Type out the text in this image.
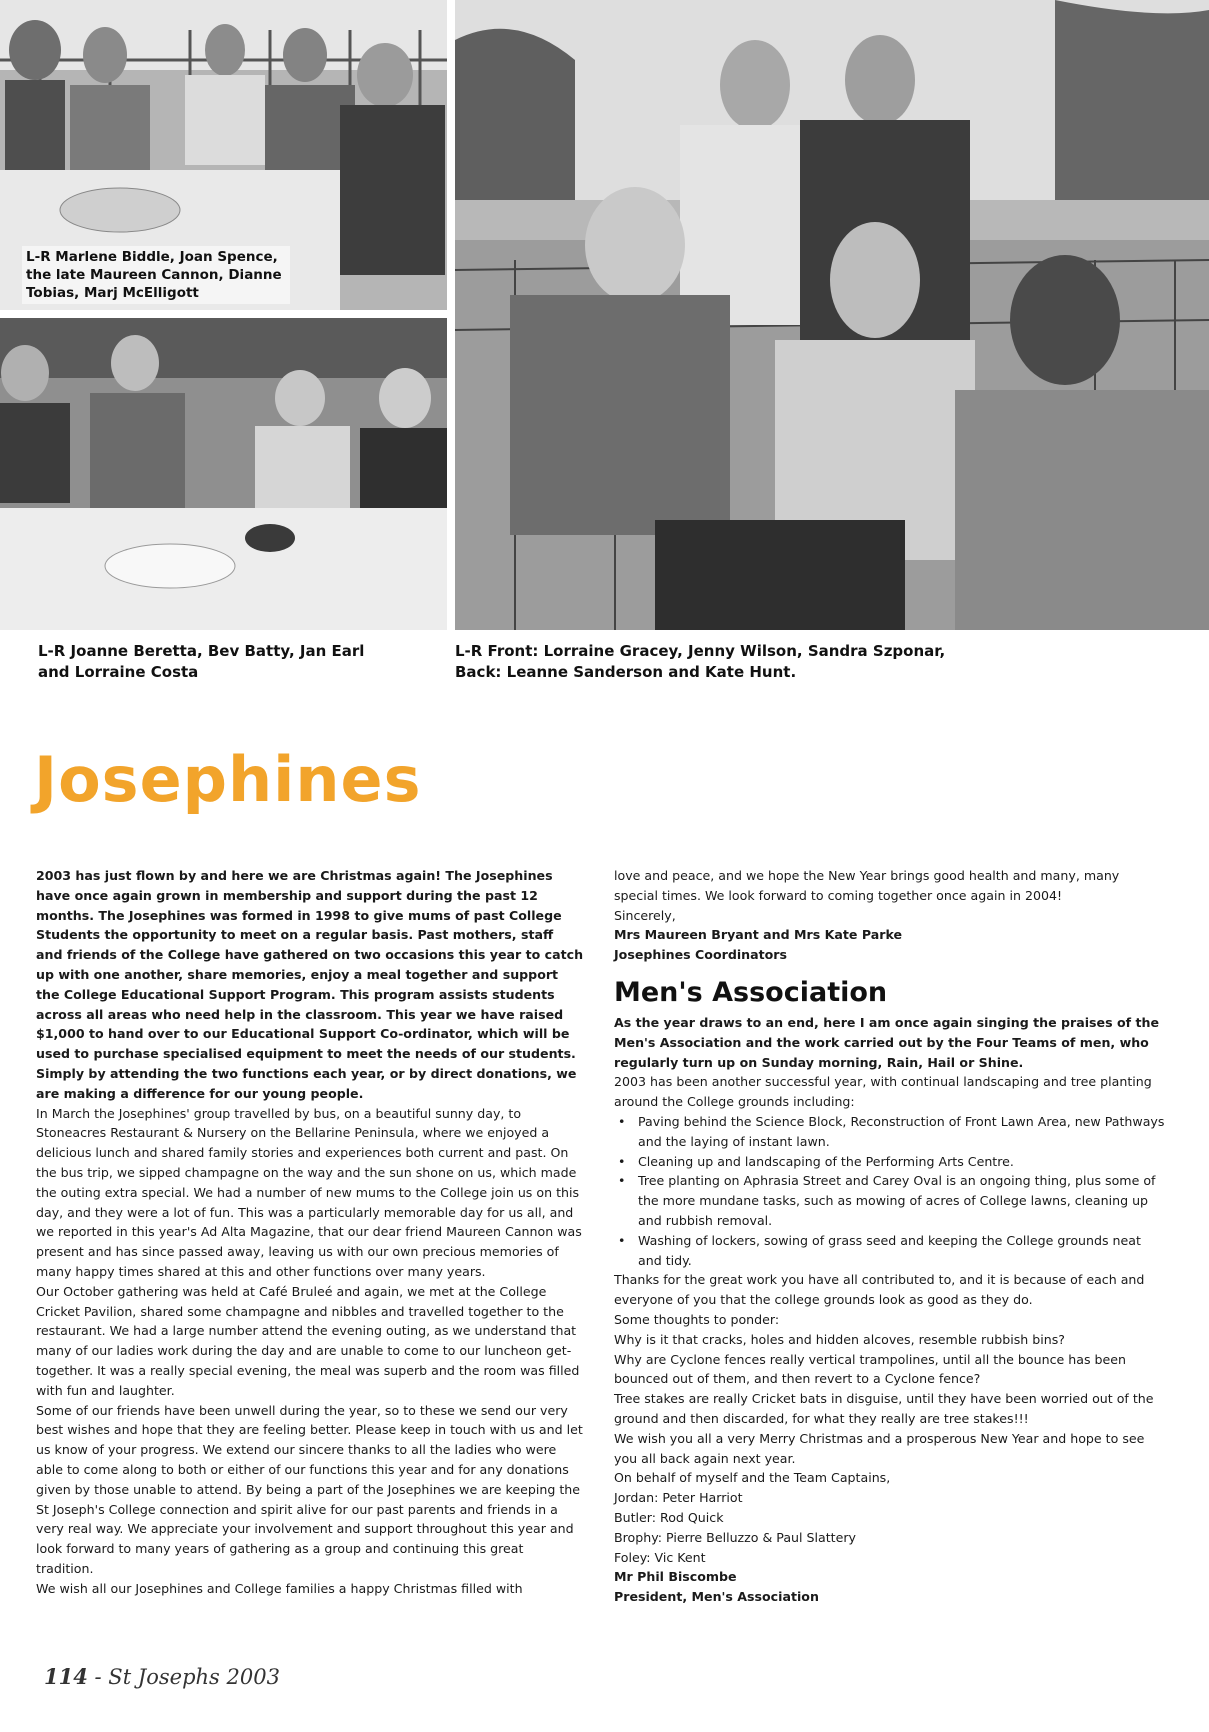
L-R Marlene Biddle, Joan Spence, the late Maureen Cannon, Dianne Tobias, Marj McElligott
L-R Joanne Beretta, Bev Batty, Jan Earl and Lorraine Costa
L-R Front: Lorraine Gracey, Jenny Wilson, Sandra Szponar,
Back: Leanne Sanderson and Kate Hunt.
Josephines

2003 has just flown by and here we are Christmas again! The Josephines have once again grown in membership and support during the past 12 months. The Josephines was formed in 1998 to give mums of past College Students the opportunity to meet on a regular basis. Past mothers, staff and friends of the College have gathered on two occasions this year to catch up with one another, share memories, enjoy a meal together and support the College Educational Support Program. This program assists students across all areas who need help in the classroom. This year we have raised $1,000 to hand over to our Educational Support Co-ordinator, which will be used to purchase specialised equipment to meet the needs of our students. Simply by attending the two functions each year, or by direct donations, we are making a difference for our young people.

In March the Josephines' group travelled by bus, on a beautiful sunny day, to Stoneacres Restaurant & Nursery on the Bellarine Peninsula, where we enjoyed a delicious lunch and shared family stories and experiences both current and past. On the bus trip, we sipped champagne on the way and the sun shone on us, which made the outing extra special. We had a number of new mums to the College join us on this day, and they were a lot of fun. This was a particularly memorable day for us all, and we reported in this year's Ad Alta Magazine, that our dear friend Maureen Cannon was present and has since passed away, leaving us with our own precious memories of many happy times shared at this and other functions over many years.

Our October gathering was held at Café Bruleé and again, we met at the College Cricket Pavilion, shared some champagne and nibbles and travelled together to the restaurant. We had a large number attend the evening outing, as we understand that many of our ladies work during the day and are unable to come to our luncheon get-together. It was a really special evening, the meal was superb and the room was filled with fun and laughter.

Some of our friends have been unwell during the year, so to these we send our very best wishes and hope that they are feeling better. Please keep in touch with us and let us know of your progress. We extend our sincere thanks to all the ladies who were able to come along to both or either of our functions this year and for any donations given by those unable to attend. By being a part of the Josephines we are keeping the St Joseph's College connection and spirit alive for our past parents and friends in a very real way. We appreciate your involvement and support throughout this year and look forward to many years of gathering as a group and continuing this great tradition.

We wish all our Josephines and College families a happy Christmas filled with

love and peace, and we hope the New Year brings good health and many, many special times. We look forward to coming together once again in 2004!

Sincerely,

Mrs Maureen Bryant and Mrs Kate Parke

Josephines Coordinators

Men's Association

As the year draws to an end, here I am once again singing the praises of the Men's Association and the work carried out by the Four Teams of men, who regularly turn up on Sunday morning, Rain, Hail or Shine.

2003 has been another successful year, with continual landscaping and tree planting around the College grounds including:

• Paving behind the Science Block, Reconstruction of Front Lawn Area, new Pathways and the laying of instant lawn.

• Cleaning up and landscaping of the Performing Arts Centre.

• Tree planting on Aphrasia Street and Carey Oval is an ongoing thing, plus some of the more mundane tasks, such as mowing of acres of College lawns, cleaning up and rubbish removal.

• Washing of lockers, sowing of grass seed and keeping the College grounds neat and tidy.

Thanks for the great work you have all contributed to, and it is because of each and everyone of you that the college grounds look as good as they do.

Some thoughts to ponder:

Why is it that cracks, holes and hidden alcoves, resemble rubbish bins?

Why are Cyclone fences really vertical trampolines, until all the bounce has been bounced out of them, and then revert to a Cyclone fence?

Tree stakes are really Cricket bats in disguise, until they have been worried out of the ground and then discarded, for what they really are tree stakes!!!

We wish you all a very Merry Christmas and a prosperous New Year and hope to see you all back again next year.

On behalf of myself and the Team Captains,

Jordan: Peter Harriot

Butler: Rod Quick

Brophy: Pierre Belluzzo & Paul Slattery

Foley: Vic Kent

Mr Phil Biscombe

President, Men's Association

114 - St Josephs 2003
